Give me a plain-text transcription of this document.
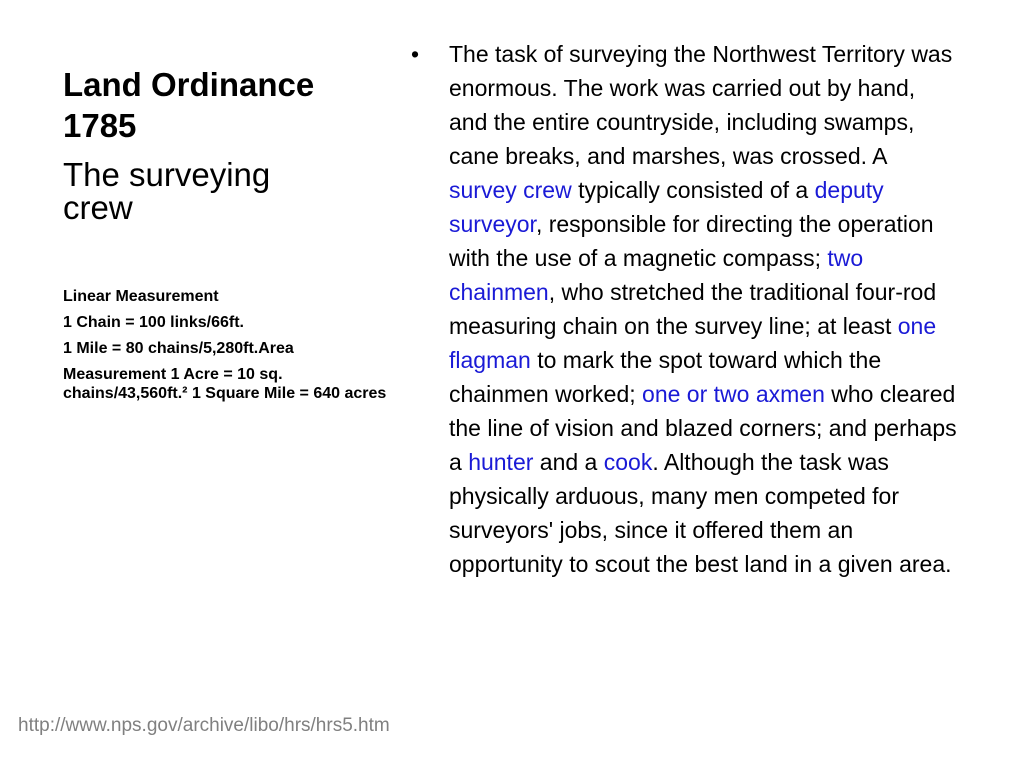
Land Ordinance
1785
The surveying
crew

Linear Measurement

1 Chain = 100 links/66ft.

1 Mile = 80 chains/5,280ft.Area

Measurement 1 Acre = 10 sq. chains/43,560ft.² 1 Square Mile = 640 acres

•	The task of surveying the Northwest Territory was enormous. The work was carried out by hand, and the entire countryside, including swamps, cane breaks, and marshes, was crossed. A survey crew typically consisted of a deputy surveyor, responsible for directing the operation with the use of a magnetic compass; two chainmen, who stretched the traditional four-rod measuring chain on the survey line; at least one flagman to mark the spot toward which the chainmen worked; one or two axmen who cleared the line of vision and blazed corners; and perhaps a hunter and a cook. Although the task was physically arduous, many men competed for surveyors' jobs, since it offered them an opportunity to scout the best land in a given area.
http://www.nps.gov/archive/libo/hrs/hrs5.htm
